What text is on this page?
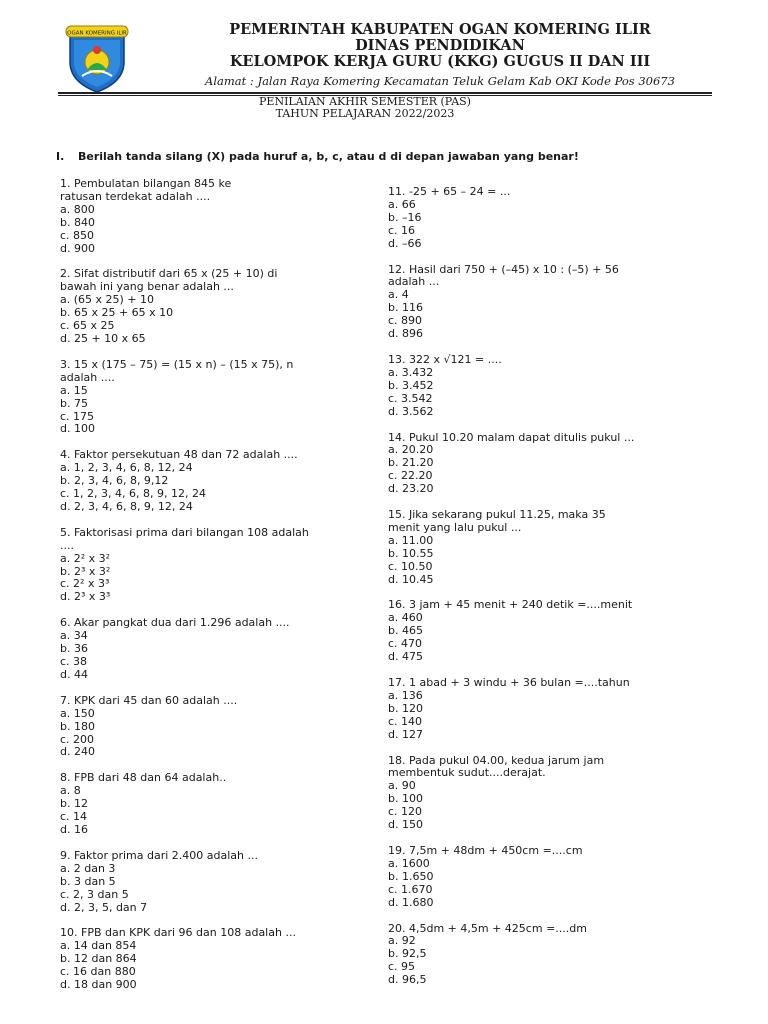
OGAN KOMERING ILIR	PEMERINTAH KABUPATEN OGAN KOMERING ILIR
DINAS PENDIDIKAN
KELOMPOK KERJA GURU (KKG) GUGUS II DAN III
Alamat : Jalan Raya Komering Kecamatan Teluk Gelam Kab OKI Kode Pos 30673
PENILAIAN AKHIR SEMESTER (PAS)
TAHUN PELAJARAN 2022/2023
I. Berilah tanda silang (X) pada huruf a, b, c, atau d di depan jawaban yang benar!
1. Pembulatan bilangan 845 ke
ratusan terdekat adalah ....
a. 800
b. 840
c. 850
d. 900
2. Sifat distributif dari 65 x (25 + 10) di
bawah ini yang benar adalah ...
a. (65 x 25) + 10
b. 65 x 25 + 65 x 10
c. 65 x 25
d. 25 + 10 x 65
3. 15 x (175 – 75) = (15 x n) – (15 x 75), n
adalah ....
a. 15
b. 75
c. 175
d. 100
4. Faktor persekutuan 48 dan 72 adalah ....
a. 1, 2, 3, 4, 6, 8, 12, 24
b. 2, 3, 4, 6, 8, 9,12
c. 1, 2, 3, 4, 6, 8, 9, 12, 24
d. 2, 3, 4, 6, 8, 9, 12, 24
5. Faktorisasi prima dari bilangan 108 adalah
....
a. 2² x 3²
b. 2³ x 3²
c. 2² x 3³
d. 2³ x 3³
6. Akar pangkat dua dari 1.296 adalah ....
a. 34
b. 36
c. 38
d. 44
7. KPK dari 45 dan 60 adalah ....
a. 150
b. 180
c. 200
d. 240
8. FPB dari 48 dan 64 adalah..
a. 8
b. 12
c. 14
d. 16
9. Faktor prima dari 2.400 adalah ...
a. 2 dan 3
b. 3 dan 5
c. 2, 3 dan 5
d. 2, 3, 5, dan 7
10. FPB dan KPK dari 96 dan 108 adalah ...
a. 14 dan 854
b. 12 dan 864
c. 16 dan 880
d. 18 dan 900
11. -25 + 65 – 24 = ...
a. 66
b. –16
c. 16
d. –66
12. Hasil dari 750 + (–45) x 10 : (–5) + 56
adalah ...
a. 4
b. 116
c. 890
d. 896
13. 322 x √121 = ....
a. 3.432
b. 3.452
c. 3.542
d. 3.562
14. Pukul 10.20 malam dapat ditulis pukul ...
a. 20.20
b. 21.20
c. 22.20
d. 23.20
15. Jika sekarang pukul 11.25, maka 35
menit yang lalu pukul ...
a. 11.00
b. 10.55
c. 10.50
d. 10.45
16. 3 jam + 45 menit + 240 detik =....menit
a. 460
b. 465
c. 470
d. 475
17. 1 abad + 3 windu + 36 bulan =....tahun
a. 136
b. 120
c. 140
d. 127
18. Pada pukul 04.00, kedua jarum jam
membentuk sudut....derajat.
a. 90
b. 100
c. 120
d. 150
19. 7,5m + 48dm + 450cm =....cm
a. 1600
b. 1.650
c. 1.670
d. 1.680
20. 4,5dm + 4,5m + 425cm =....dm
a. 92
b. 92,5
c. 95
d. 96,5
